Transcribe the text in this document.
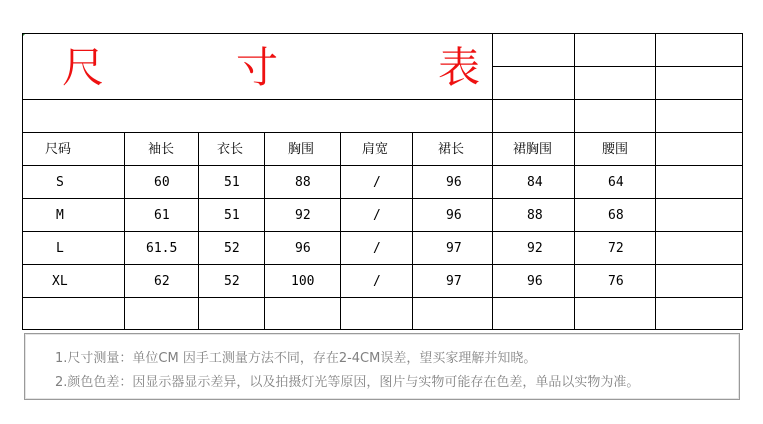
尺	寸	表
尺码	袖长	衣长	胸围	肩宽	裙长	裙胸围	腰围
S	60	51	88	/	96	84	64
M	61	51	92	/	96	88	68
L	61.5	52	96	/	97	92	72
XL	62	52	100	/	97	96	76
1.尺寸测量：单位CM 因手工测量方法不同，存在2-4CM误差，望买家理解并知晓。
2.颜色色差：因显示器显示差异，以及拍摄灯光等原因，图片与实物可能存在色差，单品以实物为准。
